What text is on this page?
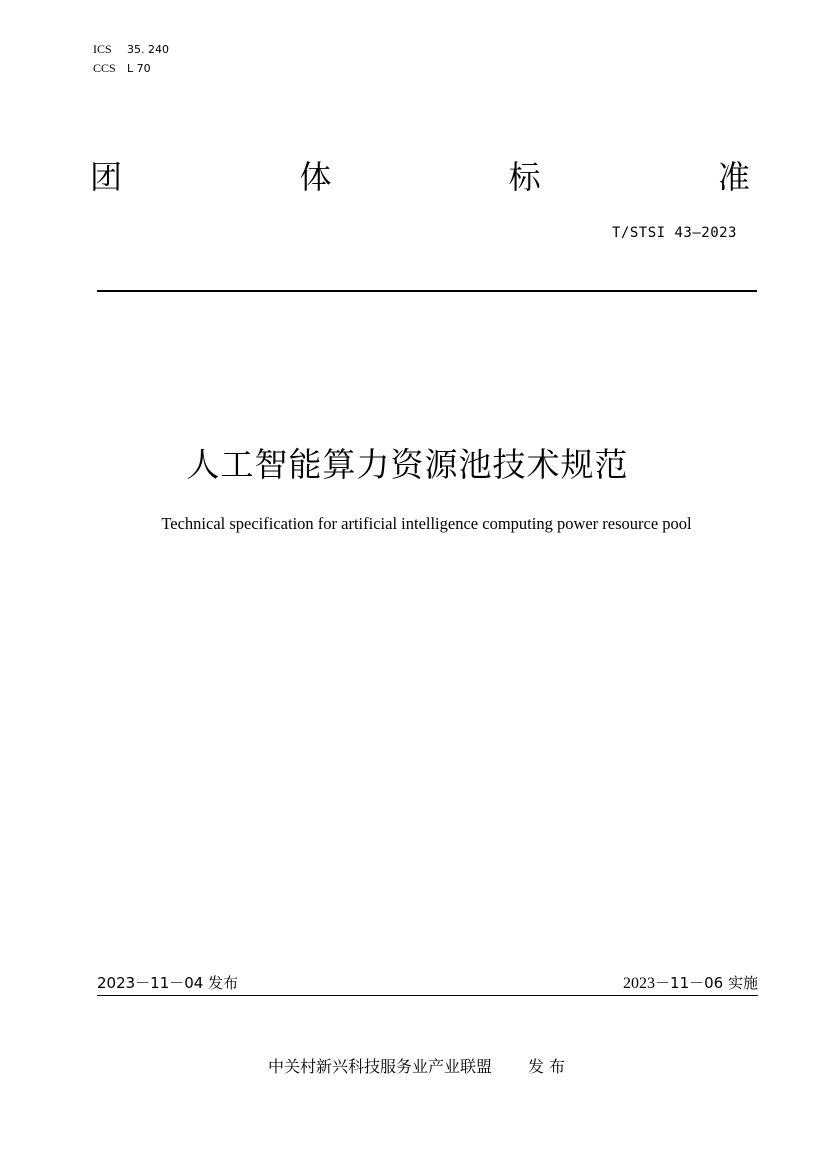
ICS	35. 240
CCS	L 70
团	体	标	准
T/STSI 43—2023
人工智能算力资源池技术规范
Technical specification for artificial intelligence computing power resource pool
2023－11－04 发布	2023－11－06 实施
中关村新兴科技服务业产业联盟 发 布
